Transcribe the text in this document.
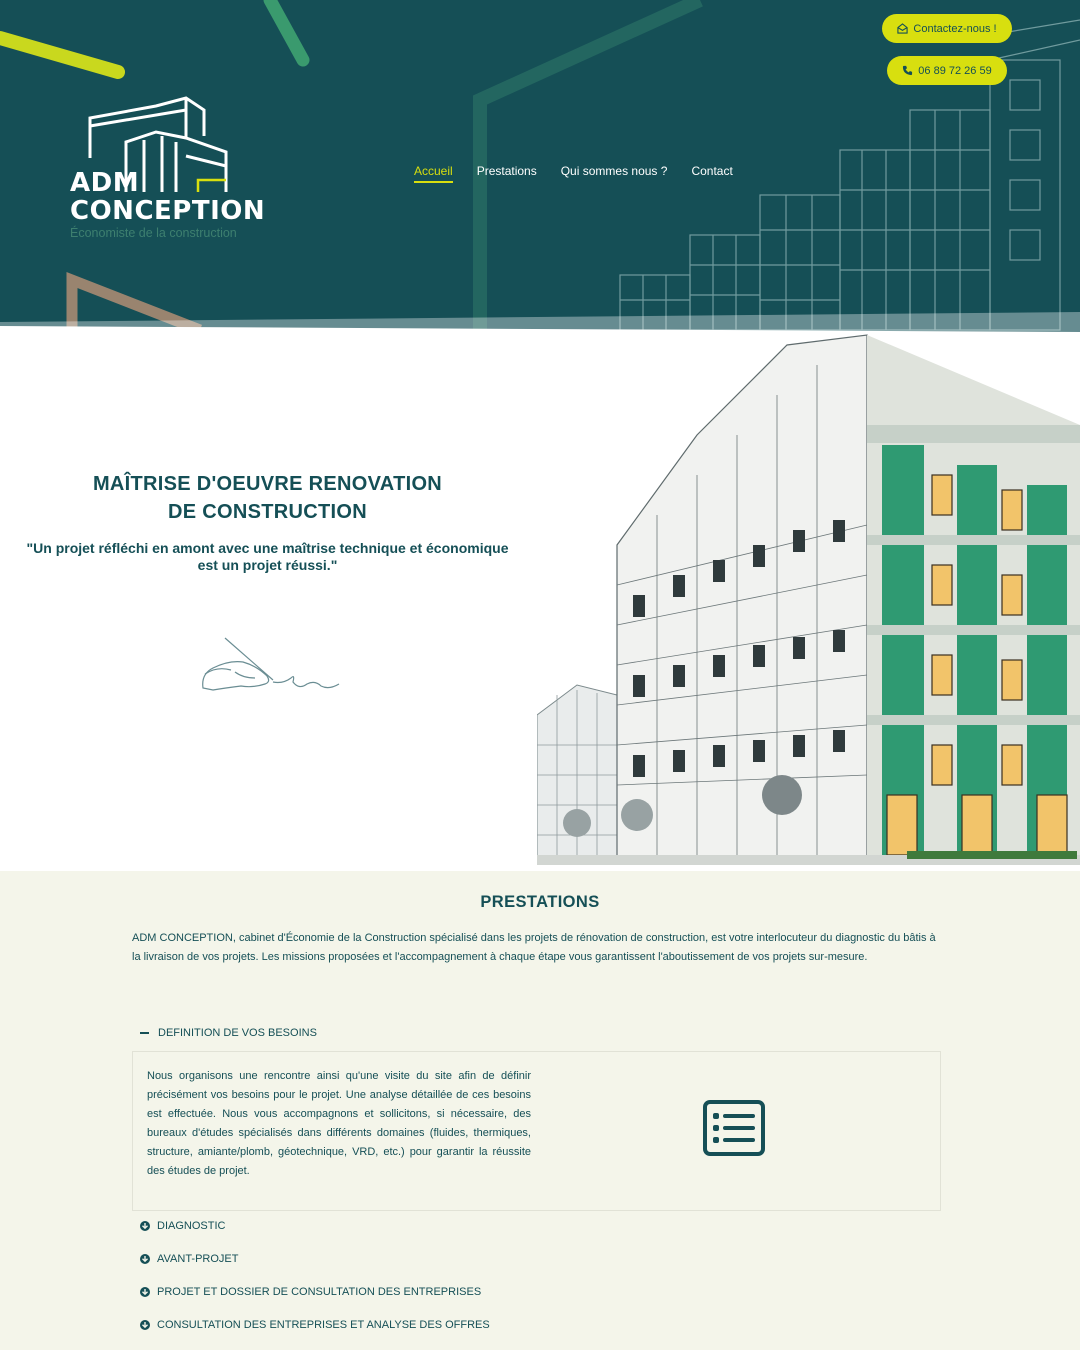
ADM
CONCEPTION
Économiste de la construction
Contactez-nous !
06 89 72 26 59
Accueil Prestations Qui sommes nous ? Contact
MAÎTRISE D'OEUVRE RENOVATION
DE CONSTRUCTION

"Un projet réfléchi en amont avec une maîtrise technique et économique
est un projet réussi."

PRESTATIONS

ADM CONCEPTION, cabinet d'Économie de la Construction spécialisé dans les projets de rénovation de construction, est votre interlocuteur du diagnostic du bâtis à la livraison de vos projets. Les missions proposées et l'accompagnement à chaque étape vous garantissent l'aboutissement de vos projets sur-mesure.

DEFINITION DE VOS BESOINS

Nous organisons une rencontre ainsi qu'une visite du site afin de définir précisément vos besoins pour le projet. Une analyse détaillée de ces besoins est effectuée. Nous vous accompagnons et sollicitons, si nécessaire, des bureaux d'études spécialisés dans différents domaines (fluides, thermiques, structure, amiante/plomb, géotechnique, VRD, etc.) pour garantir la réussite des études de projet.

DIAGNOSTIC
AVANT-PROJET
PROJET ET DOSSIER DE CONSULTATION DES ENTREPRISES
CONSULTATION DES ENTREPRISES ET ANALYSE DES OFFRES
